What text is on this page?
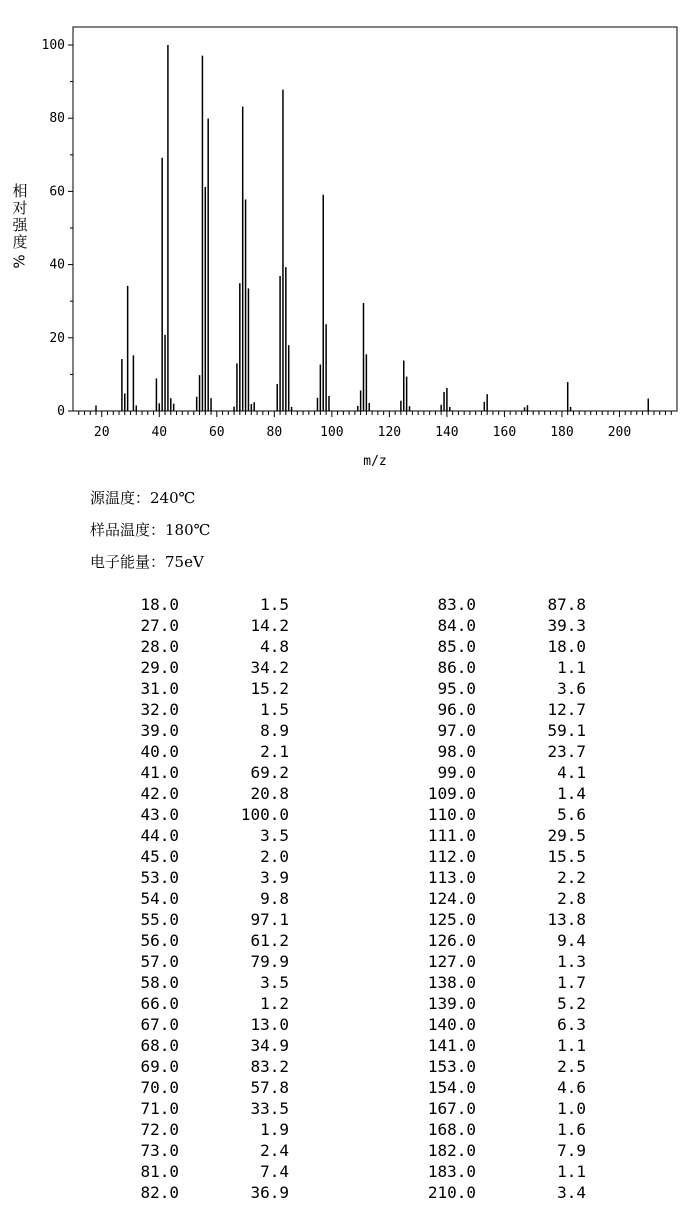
0
20
40
60
80
100
20	40	60	80	100	120	140	160	180	200
m/z
相
对
强
度
%
源温度：240℃
样品温度：180℃
电子能量：75eV
18.0	1.5	83.0	87.8
27.0	14.2	84.0	39.3
28.0	4.8	85.0	18.0
29.0	34.2	86.0	1.1
31.0	15.2	95.0	3.6
32.0	1.5	96.0	12.7
39.0	8.9	97.0	59.1
40.0	2.1	98.0	23.7
41.0	69.2	99.0	4.1
42.0	20.8	109.0	1.4
43.0	100.0	110.0	5.6
44.0	3.5	111.0	29.5
45.0	2.0	112.0	15.5
53.0	3.9	113.0	2.2
54.0	9.8	124.0	2.8
55.0	97.1	125.0	13.8
56.0	61.2	126.0	9.4
57.0	79.9	127.0	1.3
58.0	3.5	138.0	1.7
66.0	1.2	139.0	5.2
67.0	13.0	140.0	6.3
68.0	34.9	141.0	1.1
69.0	83.2	153.0	2.5
70.0	57.8	154.0	4.6
71.0	33.5	167.0	1.0
72.0	1.9	168.0	1.6
73.0	2.4	182.0	7.9
81.0	7.4	183.0	1.1
82.0	36.9	210.0	3.4
